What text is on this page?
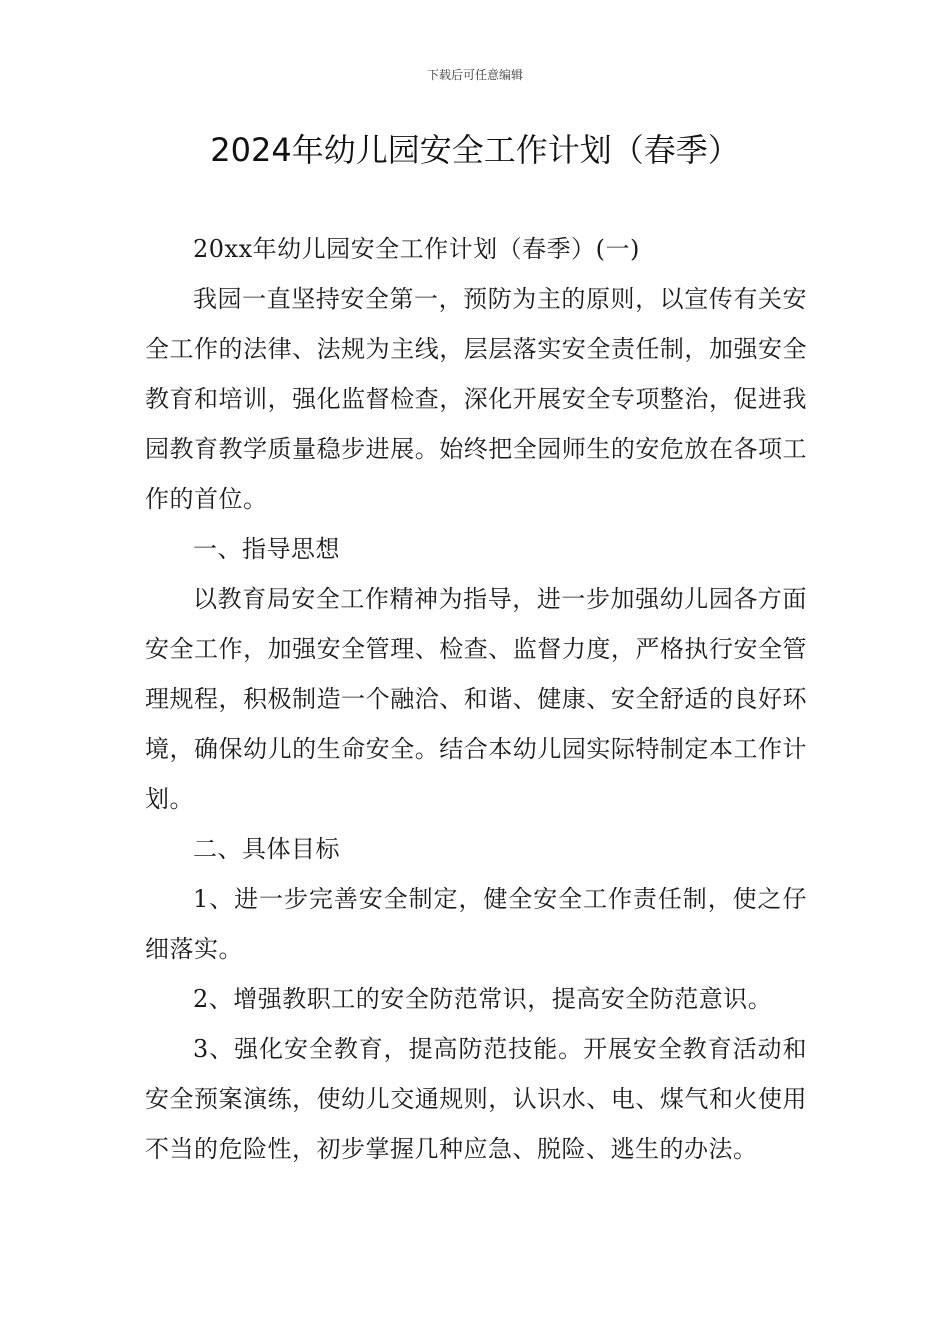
下载后可任意编辑
2024年幼儿园安全工作计划（春季）

20xx年幼儿园安全工作计划（春季）(一)

我园一直坚持安全第一，预防为主的原则，以宣传有关安全工作的法律、法规为主线，层层落实安全责任制，加强安全教育和培训，强化监督检查，深化开展安全专项整治，促进我园教育教学质量稳步进展。始终把全园师生的安危放在各项工作的首位。

一、指导思想

以教育局安全工作精神为指导，进一步加强幼儿园各方面安全工作，加强安全管理、检查、监督力度，严格执行安全管理规程，积极制造一个融洽、和谐、健康、安全舒适的良好环境，确保幼儿的生命安全。结合本幼儿园实际特制定本工作计划。

二、具体目标

1、进一步完善安全制定，健全安全工作责任制，使之仔细落实。

2、增强教职工的安全防范常识，提高安全防范意识。

3、强化安全教育，提高防范技能。开展安全教育活动和安全预案演练，使幼儿交通规则，认识水、电、煤气和火使用不当的危险性，初步掌握几种应急、脱险、逃生的办法。
